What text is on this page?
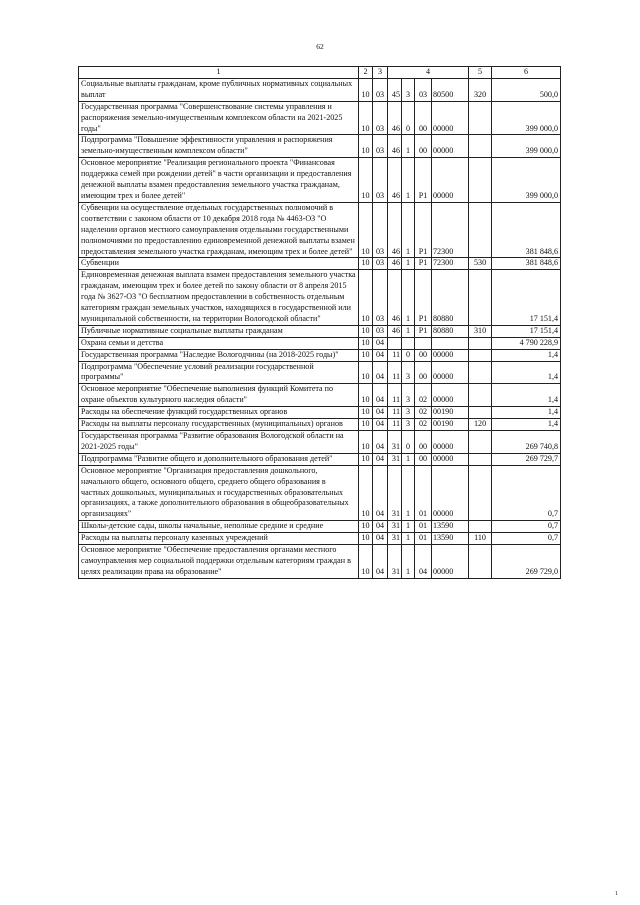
62
1	2	3	4				5	6
Социальные выплаты гражданам, кроме публичных нормативных социальных выплат	10	03	45	3	03	80500	320	500,0
Государственная программа "Совершенствование системы управления и распоряжения земельно-имущественным комплексом области на 2021-2025 годы"	10	03	46	0	00	00000		399 000,0
Подпрограмма "Повышение эффективности управления и распоряжения земельно-имущественным комплексом области"	10	03	46	1	00	00000		399 000,0
Основное мероприятие "Реализация регионального проекта "Финансовая поддержка семей при рождении детей" в части организации и предоставления денежной выплаты взамен предоставления земельного участка гражданам, имеющим трех и более детей"	10	03	46	1	P1	00000		399 000,0
Субвенции на осуществление отдельных государственных полномочий в соответствии с законом области от 10 декабря 2018 года № 4463-ОЗ "О наделении органов местного самоуправления отдельными государственными полномочиями по предоставлению единовременной денежной выплаты взамен предоставления земельного участка гражданам, имеющим трех и более детей"	10	03	46	1	P1	72300		381 848,6
Субвенции	10	03	46	1	P1	72300	530	381 848,6
Единовременная денежная выплата взамен предоставления земельного участка гражданам, имеющим трех и более детей по закону области от 8 апреля 2015 года № 3627-ОЗ "О бесплатном предоставлении в собственность отдельным категориям граждан земельных участков, находящихся в государственной или муниципальной собственности, на территории Вологодской области"	10	03	46	1	P1	80880		17 151,4
Публичные нормативные социальные выплаты гражданам	10	03	46	1	P1	80880	310	17 151,4
Охрана семьи и детства	10	04						4 790 228,9
Государственная программа "Наследие Вологодчины (на 2018-2025 годы)"	10	04	11	0	00	00000		1,4
Подпрограмма "Обеспечение условий реализации государственной программы"	10	04	11	3	00	00000		1,4
Основное мероприятие "Обеспечение выполнения функций Комитета по охране объектов культурного наследия области"	10	04	11	3	02	00000		1,4
Расходы на обеспечение функций государственных органов	10	04	11	3	02	00190		1,4
Расходы на выплаты персоналу государственных (муниципальных) органов	10	04	11	3	02	00190	120	1,4
Государственная программа "Развитие образования Вологодской области на 2021-2025 годы"	10	04	31	0	00	00000		269 740,8
Подпрограмма "Развитие общего и дополнительного образования детей"	10	04	31	1	00	00000		269 729,7
Основное мероприятие "Организация предоставления дошкольного, начального общего, основного общего, среднего общего образования в частных дошкольных, муниципальных и государственных образовательных организациях, а также дополнительного образования в общеобразовательных организациях"	10	04	31	1	01	00000		0,7
Школы-детские сады, школы начальные, неполные средние и средние	10	04	31	1	01	13590		0,7
Расходы на выплаты персоналу казенных учреждений	10	04	31	1	01	13590	110	0,7
Основное мероприятие "Обеспечение предоставления органами местного самоуправления мер социальной поддержки отдельным категориям граждан в целях реализации права на образование"	10	04	31	1	04	00000		269 729,0
1
